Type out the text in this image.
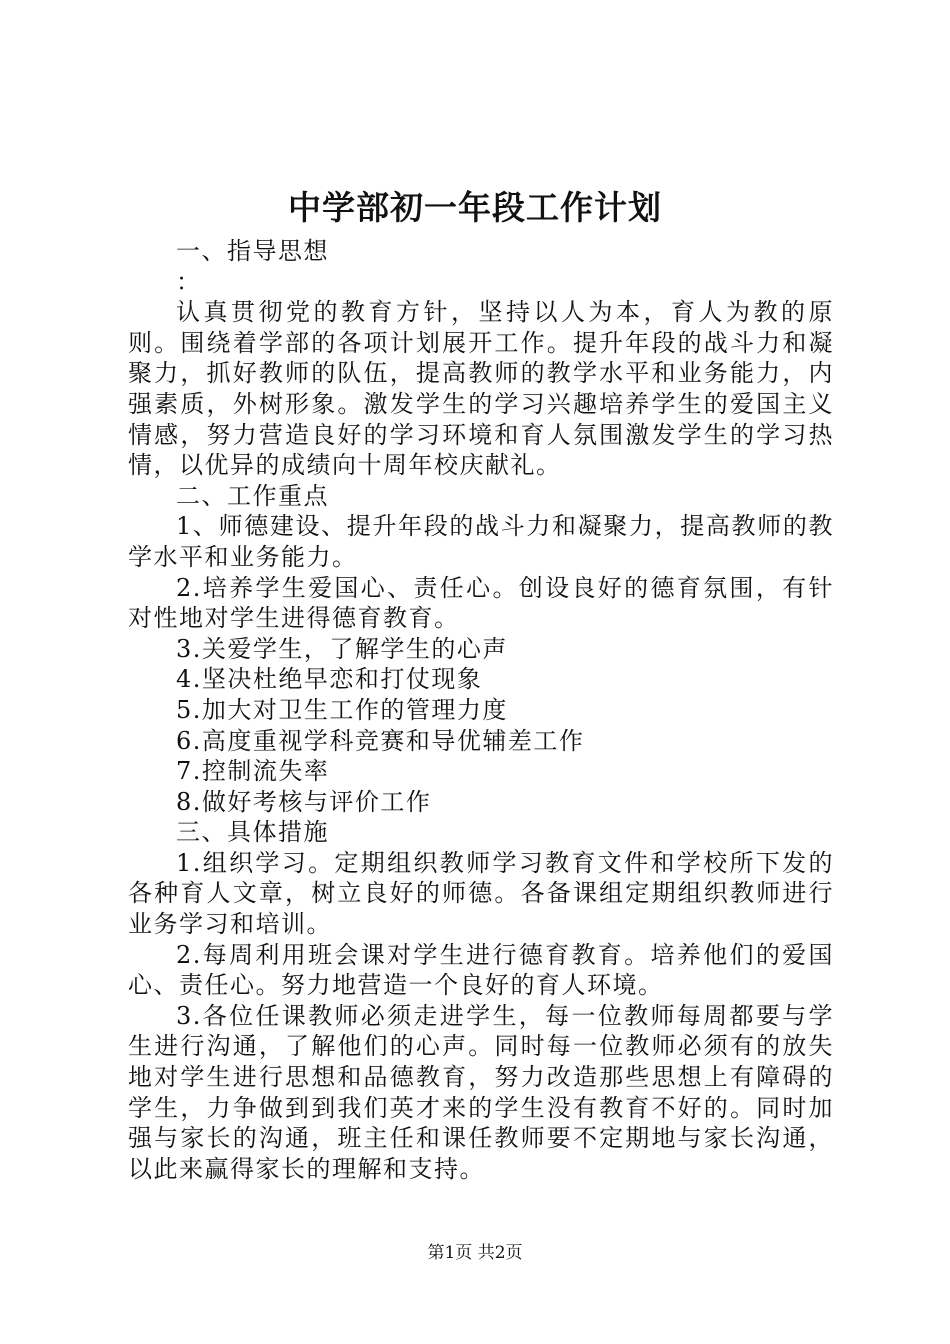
中学部初一年段工作计划

一、指导思想

：

认真贯彻党的教育方针，坚持以人为本，育人为教的原则。围绕着学部的各项计划展开工作。提升年段的战斗力和凝聚力，抓好教师的队伍，提高教师的教学水平和业务能力，内强素质，外树形象。激发学生的学习兴趣培养学生的爱国主义情感，努力营造良好的学习环境和育人氛围激发学生的学习热情，以优异的成绩向十周年校庆献礼。

二、工作重点

1、师德建设、提升年段的战斗力和凝聚力，提高教师的教学水平和业务能力。

2.培养学生爱国心、责任心。创设良好的德育氛围，有针对性地对学生进得德育教育。

3.关爱学生，了解学生的心声

4.坚决杜绝早恋和打仗现象

5.加大对卫生工作的管理力度

6.高度重视学科竞赛和导优辅差工作

7.控制流失率

8.做好考核与评价工作

三、具体措施

1.组织学习。定期组织教师学习教育文件和学校所下发的各种育人文章，树立良好的师德。各备课组定期组织教师进行业务学习和培训。

2.每周利用班会课对学生进行德育教育。培养他们的爱国心、责任心。努力地营造一个良好的育人环境。

3.各位任课教师必须走进学生，每一位教师每周都要与学生进行沟通，了解他们的心声。同时每一位教师必须有的放失地对学生进行思想和品德教育，努力改造那些思想上有障碍的学生，力争做到到我们英才来的学生没有教育不好的。同时加强与家长的沟通，班主任和课任教师要不定期地与家长沟通，以此来赢得家长的理解和支持。

第1页 共2页
